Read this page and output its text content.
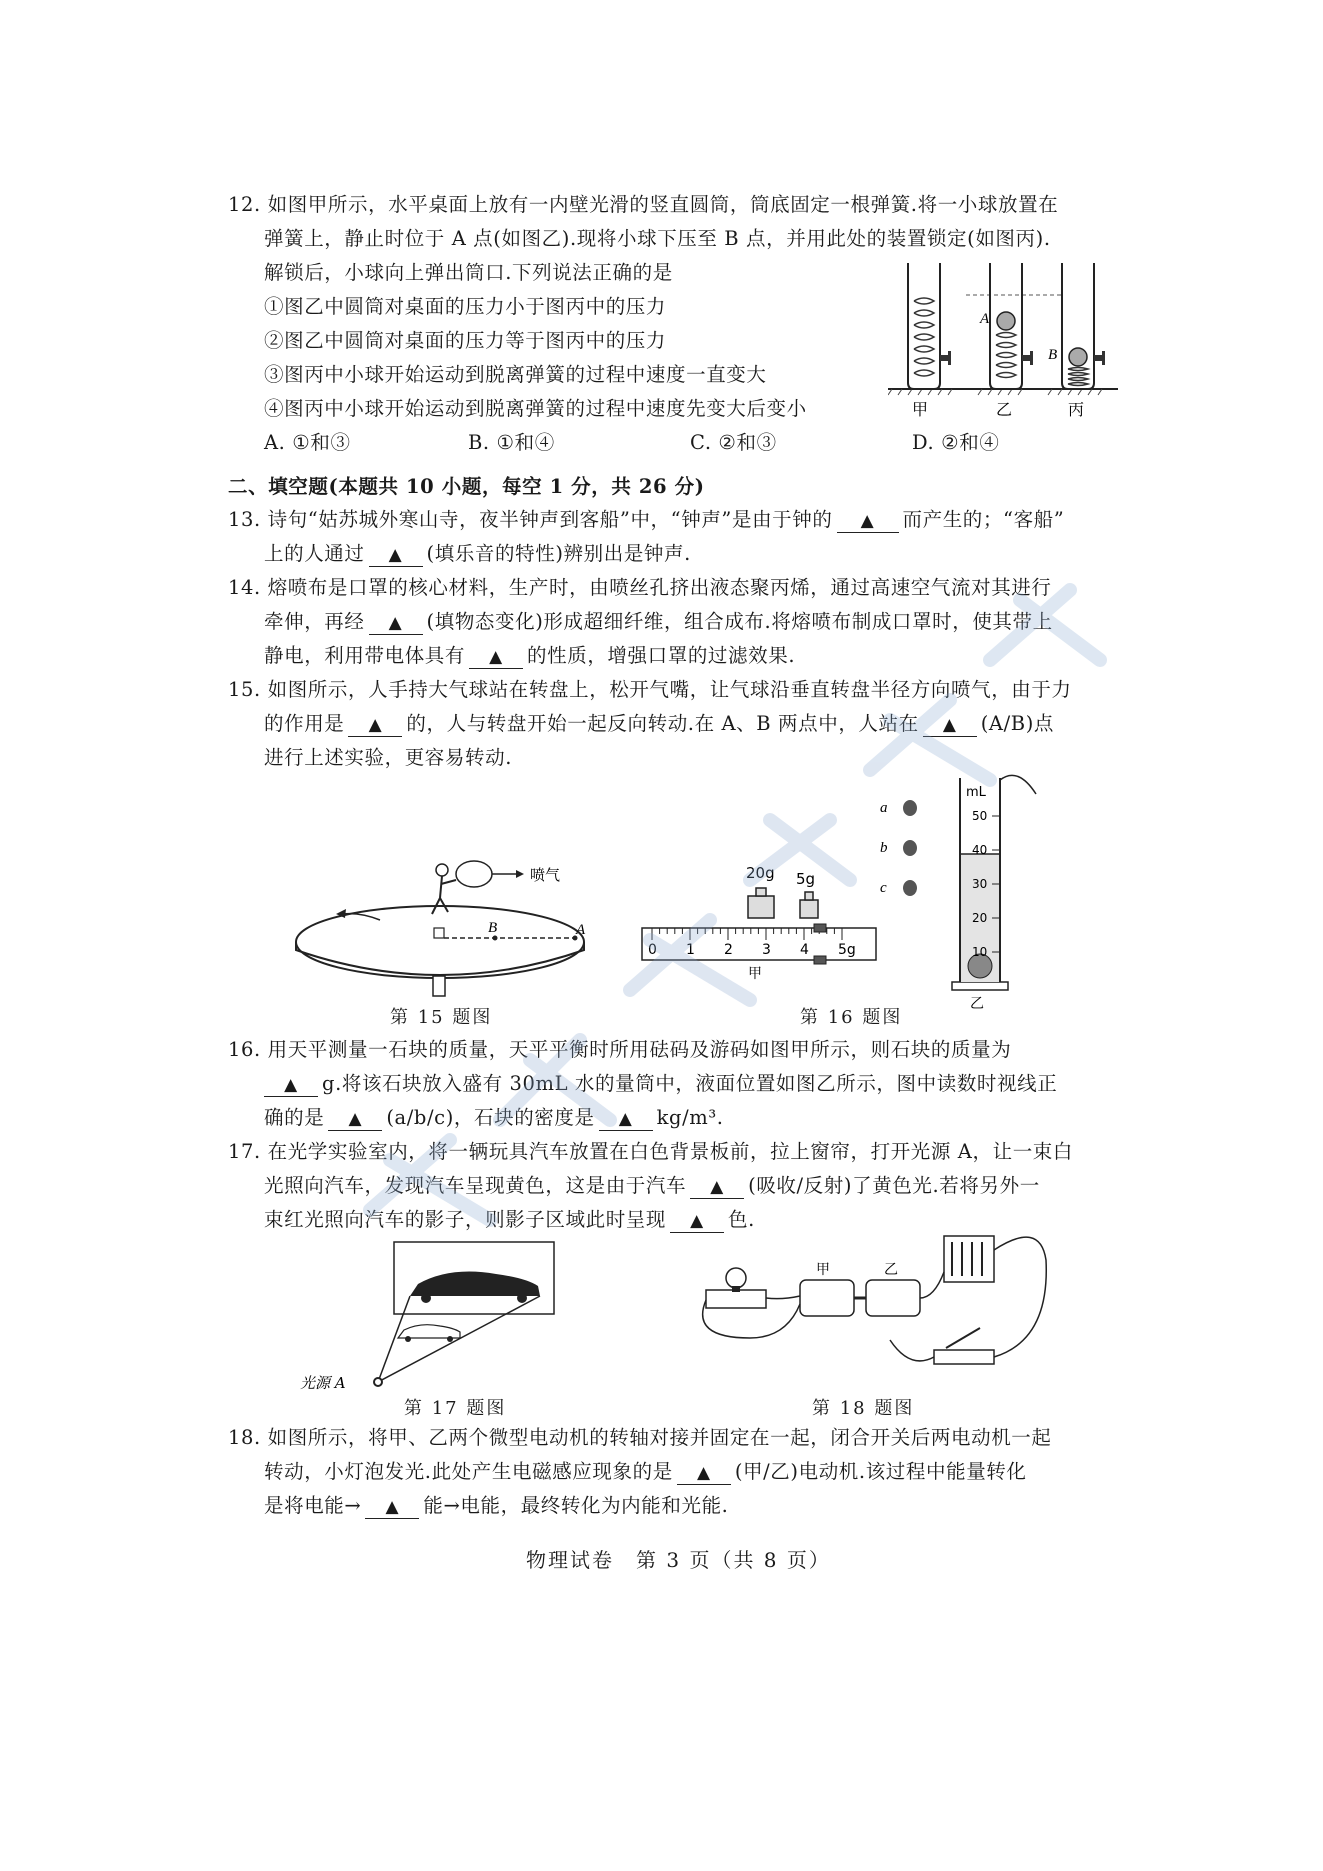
12. 如图甲所示，水平桌面上放有一内壁光滑的竖直圆筒，筒底固定一根弹簧.将一小球放置在
弹簧上，静止时位于 A 点(如图乙).现将小球下压至 B 点，并用此处的装置锁定(如图丙).
解锁后，小球向上弹出筒口.下列说法正确的是
①图乙中圆筒对桌面的压力小于图丙中的压力
②图乙中圆筒对桌面的压力等于图丙中的压力
③图丙中小球开始运动到脱离弹簧的过程中速度一直变大
④图丙中小球开始运动到脱离弹簧的过程中速度先变大后变小
A. ①和③	B. ①和④	C. ②和③	D. ②和④
A
B
甲	乙	丙
二、填空题(本题共 10 小题，每空 1 分，共 26 分)
13. 诗句“姑苏城外寒山寺，夜半钟声到客船”中，“钟声”是由于钟的 ▲ 而产生的；“客船”
上的人通过 ▲ (填乐音的特性)辨别出是钟声.
14. 熔喷布是口罩的核心材料，生产时，由喷丝孔挤出液态聚丙烯，通过高速空气流对其进行
牵伸，再经 ▲ (填物态变化)形成超细纤维，组合成布.将熔喷布制成口罩时，使其带上
静电，利用带电体具有 ▲ 的性质，增强口罩的过滤效果.
15. 如图所示，人手持大气球站在转盘上，松开气嘴，让气球沿垂直转盘半径方向喷气，由于力
的作用是 ▲ 的，人与转盘开始一起反向转动.在 A、B 两点中，人站在 ▲ (A/B)点
进行上述实验，更容易转动.
B	A
喷气
第 15 题图
20g 5g
0 1 2 3 4 5g
甲
第 16 题图
a
b
c
mL
50
40
30
20
10
乙
16. 用天平测量一石块的质量，天平平衡时所用砝码及游码如图甲所示，则石块的质量为
▲ g.将该石块放入盛有 30mL 水的量筒中，液面位置如图乙所示，图中读数时视线正
确的是 ▲ (a/b/c)，石块的密度是 ▲ kg/m³.
17. 在光学实验室内，将一辆玩具汽车放置在白色背景板前，拉上窗帘，打开光源 A，让一束白
光照向汽车，发现汽车呈现黄色，这是由于汽车 ▲ (吸收/反射)了黄色光.若将另外一
束红光照向汽车的影子，则影子区域此时呈现 ▲ 色.
光源 A
第 17 题图
甲	乙
第 18 题图
18. 如图所示，将甲、乙两个微型电动机的转轴对接并固定在一起，闭合开关后两电动机一起
转动，小灯泡发光.此处产生电磁感应现象的是 ▲ (甲/乙)电动机.该过程中能量转化
是将电能→ ▲ 能→电能，最终转化为内能和光能.
物理试卷　第 3 页（共 8 页）
